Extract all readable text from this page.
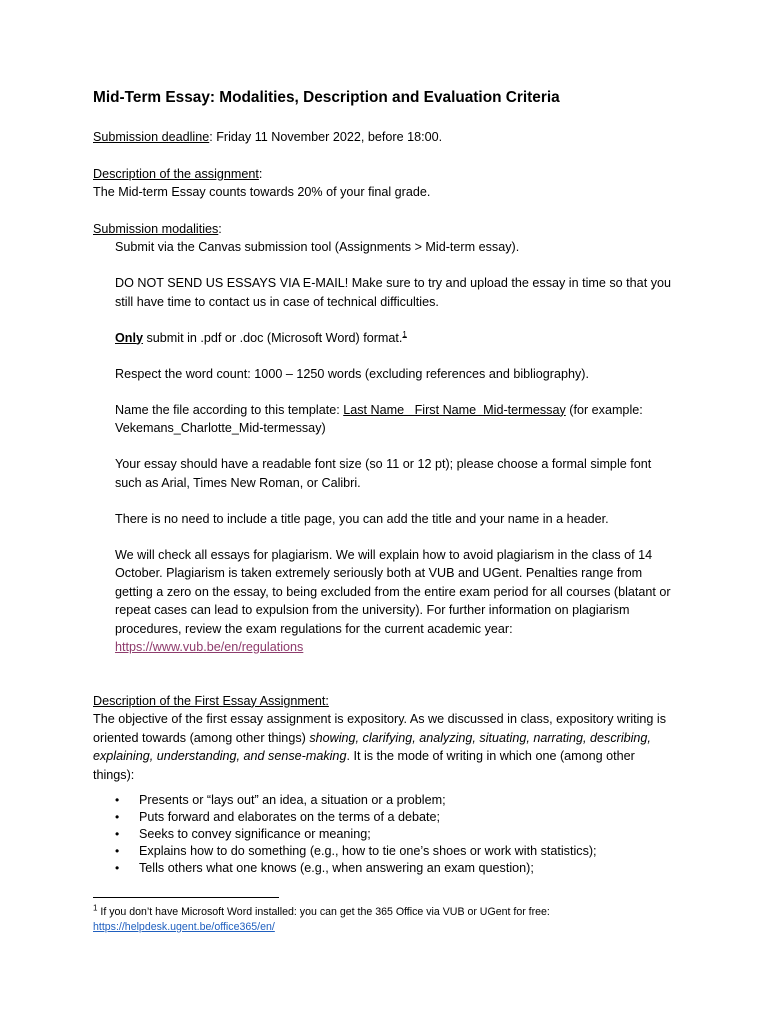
Mid-Term Essay: Modalities, Description and Evaluation Criteria

Submission deadline: Friday 11 November 2022, before 18:00.

Description of the assignment:

The Mid-term Essay counts towards 20% of your final grade.

Submission modalities:

Submit via the Canvas submission tool (Assignments > Mid-term essay).

DO NOT SEND US ESSAYS VIA E-MAIL! Make sure to try and upload the essay in time so that you still have time to contact us in case of technical difficulties.

Only submit in .pdf or .doc (Microsoft Word) format.$^1$

Respect the word count: 1000 – 1250 words (excluding references and bibliography).

Name the file according to this template: Last Name   First Name  Mid-termessay (for example: Vekemans_Charlotte_Mid-termessay)

Your essay should have a readable font size (so 11 or 12 pt); please choose a formal simple font such as Arial, Times New Roman, or Calibri.

There is no need to include a title page, you can add the title and your name in a header.

We will check all essays for plagiarism. We will explain how to avoid plagiarism in the class of 14 October. Plagiarism is taken extremely seriously both at VUB and UGent. Penalties range from getting a zero on the essay, to being excluded from the entire exam period for all courses (blatant or repeat cases can lead to expulsion from the university). For further information on plagiarism procedures, review the exam regulations for the current academic year:
https://www.vub.be/en/regulations

Description of the First Essay Assignment:

The objective of the first essay assignment is expository. As we discussed in class, expository writing is oriented towards (among other things) showing, clarifying, analyzing, situating, narrating, describing, explaining, understanding, and sense-making. It is the mode of writing in which one (among other things):

• Presents or “lays out” an idea, a situation or a problem;
• Puts forward and elaborates on the terms of a debate;
• Seeks to convey significance or meaning;
• Explains how to do something (e.g., how to tie one’s shoes or work with statistics);
• Tells others what one knows (e.g., when answering an exam question);
$^1$ If you don’t have Microsoft Word installed: you can get the 365 Office via VUB or UGent for free:
https://helpdesk.ugent.be/office365/en/
